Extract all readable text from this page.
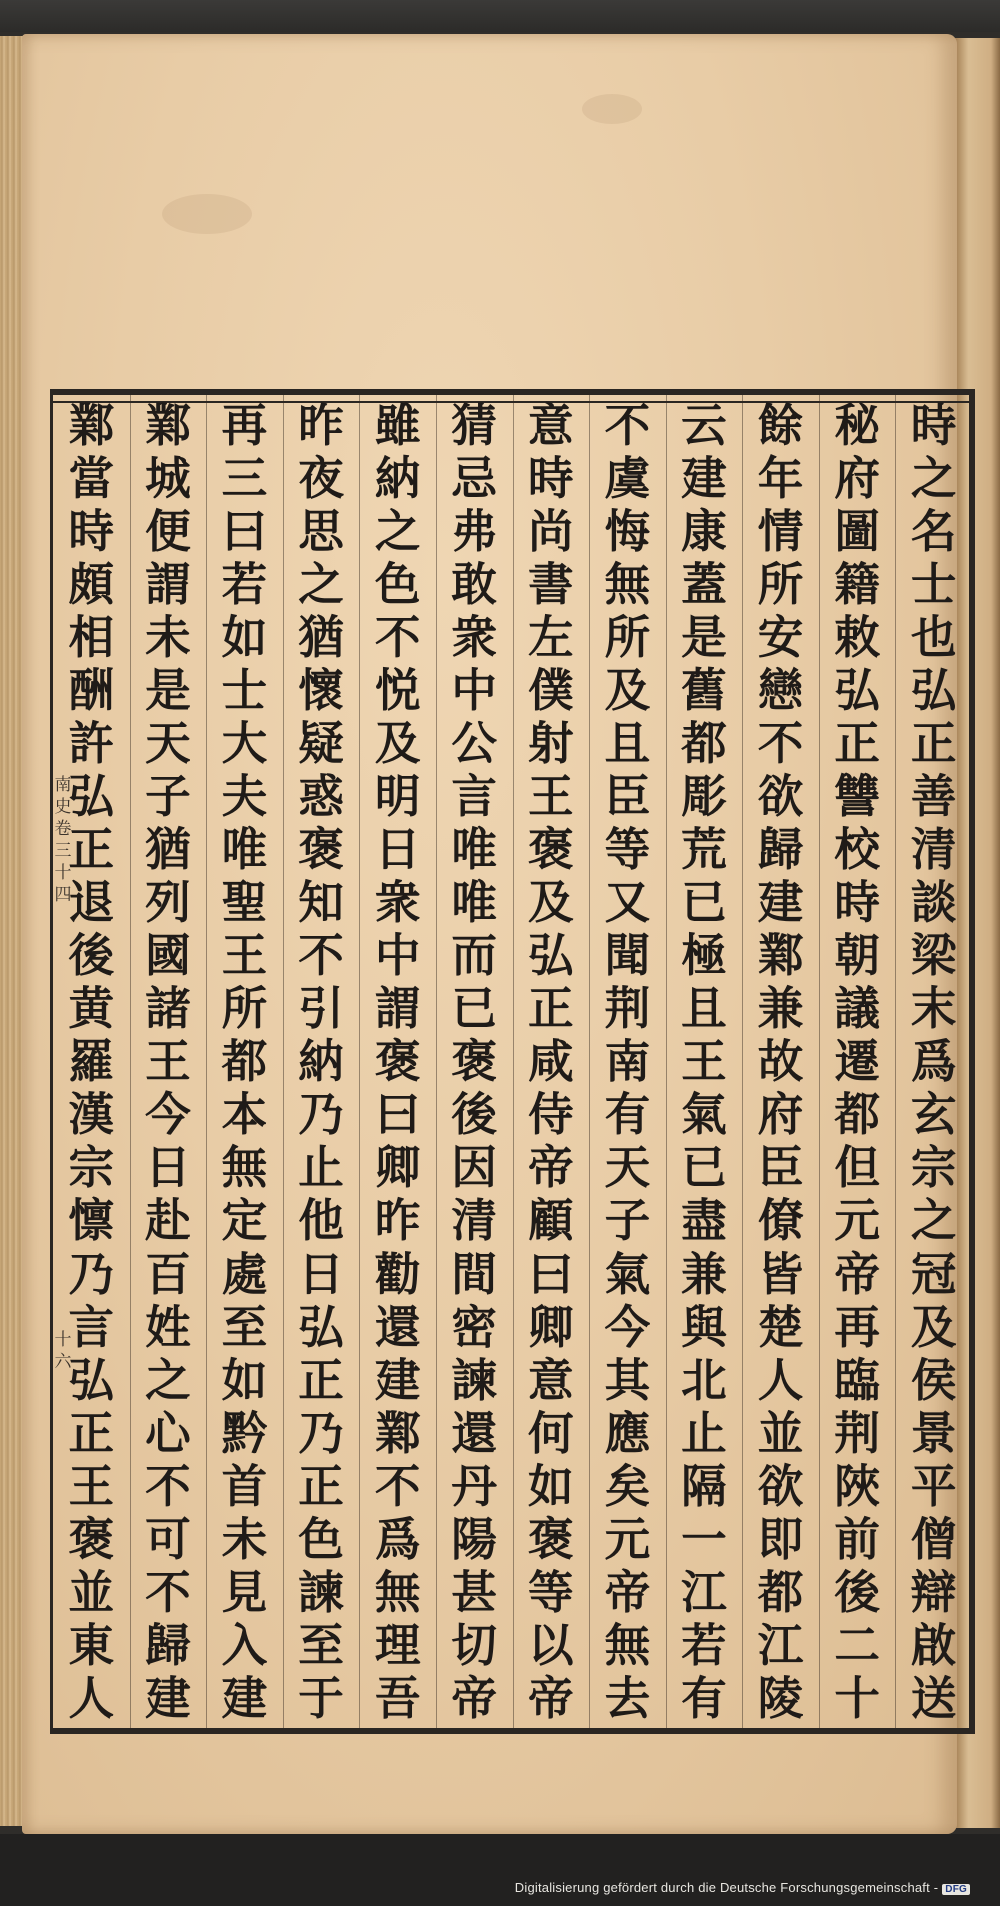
時
之
名
士
也
弘
正
善
清
談
梁
末
爲
玄
宗
之
冠
及
侯
景
平
僧
辯
啟
送
秘
府
圖
籍
敕
弘
正
讐
校
時
朝
議
遷
都
但
元
帝
再
臨
荆
陜
前
後
二
十
餘
年
情
所
安
戀
不
欲
歸
建
鄴
兼
故
府
臣
僚
皆
楚
人
並
欲
即
都
江
陵
云
建
康
蓋
是
舊
都
彫
荒
已
極
且
王
氣
已
盡
兼
與
北
止
隔
一
江
若
有
不
虞
悔
無
所
及
且
臣
等
又
聞
荆
南
有
天
子
氣
今
其
應
矣
元
帝
無
去
意
時
尚
書
左
僕
射
王
褒
及
弘
正
咸
侍
帝
顧
曰
卿
意
何
如
褒
等
以
帝
猜
忌
弗
敢
衆
中
公
言
唯
唯
而
已
褒
後
因
清
間
密
諫
還
丹
陽
甚
切
帝
雖
納
之
色
不
悦
及
明
日
衆
中
謂
褒
曰
卿
昨
勸
還
建
鄴
不
爲
無
理
吾
昨
夜
思
之
猶
懷
疑
惑
褒
知
不
引
納
乃
止
他
日
弘
正
乃
正
色
諫
至
于
再
三
曰
若
如
士
大
夫
唯
聖
王
所
都
本
無
定
處
至
如
黔
首
未
見
入
建
鄴
城
便
謂
未
是
天
子
猶
列
國
諸
王
今
日
赴
百
姓
之
心
不
可
不
歸
建
鄴
當
時
頗
相
酬
許
弘
正
退
後
黄
羅
漢
宗
懔
乃
言
弘
正
王
褒
並
東
人
南
史
卷
三
十
四
十
六
Digitalisierung gefördert durch die Deutsche Forschungsgemeinschaft - DFG
